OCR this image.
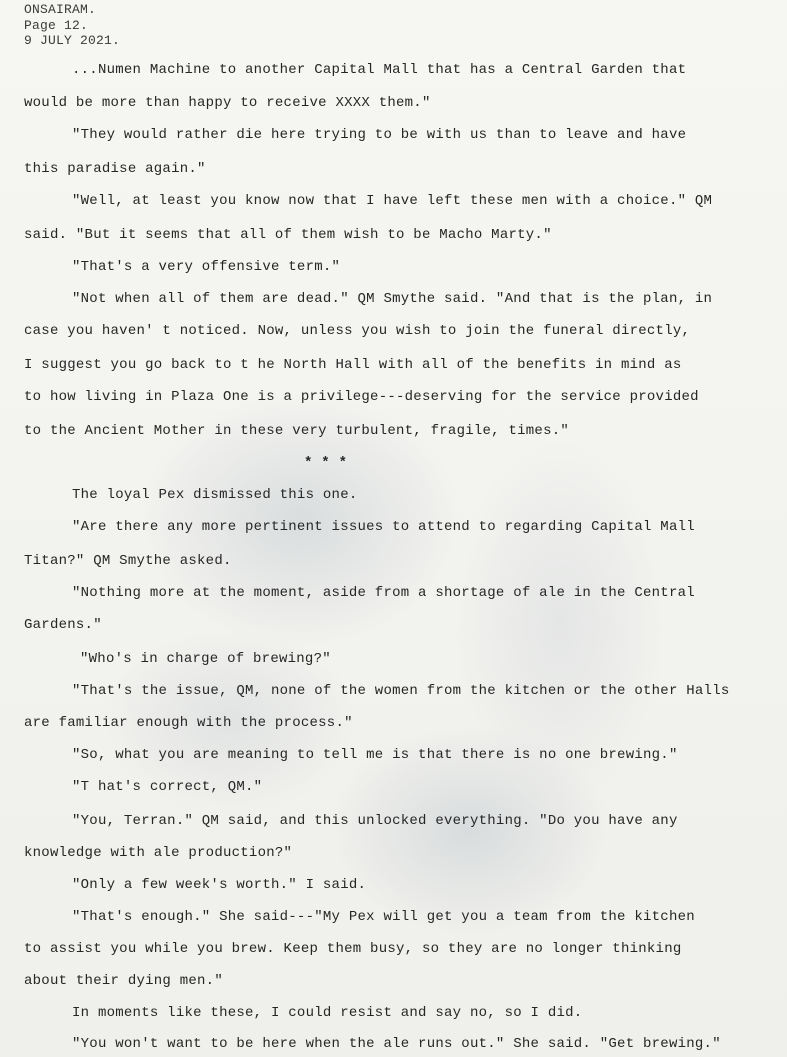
ONSAIRAM.
Page 12.
9 JULY 2021.
...Numen Machine to another Capital Mall that has a Central Garden that
would be more than happy to receive XXXX them."
"They would rather die here trying to be with us than to leave and have
this paradise again."
"Well, at least you know now that I have left these men with a choice." QM
said. "But it seems that all of them wish to be Macho Marty."
"That's a very offensive term."
"Not when all of them are dead." QM Smythe said. "And that is the plan, in
case you haven' t noticed. Now, unless you wish to join the funeral directly,
I suggest you go back to t he North Hall with all of the benefits in mind as
to how living in Plaza One is a privilege---deserving for the service provided
to the Ancient Mother in these very turbulent, fragile, times."
* * *
The loyal Pex dismissed this one.
"Are there any more pertinent issues to attend to regarding Capital Mall
Titan?" QM Smythe asked.
"Nothing more at the moment, aside from a shortage of ale in the Central
Gardens."
"Who's in charge of brewing?"
"That's the issue, QM, none of the women from the kitchen or the other Halls
are familiar enough with the process."
"So, what you are meaning to tell me is that there is no one brewing."
"T hat's correct, QM."
"You, Terran." QM said, and this unlocked everything. "Do you have any
knowledge with ale production?"
"Only a few week's worth." I said.
"That's enough." She said---"My Pex will get you a team from the kitchen
to assist you while you brew. Keep them busy, so they are no longer thinking
about their dying men."
In moments like these, I could resist and say no, so I did.
"You won't want to be here when the ale runs out." She said. "Get brewing."
